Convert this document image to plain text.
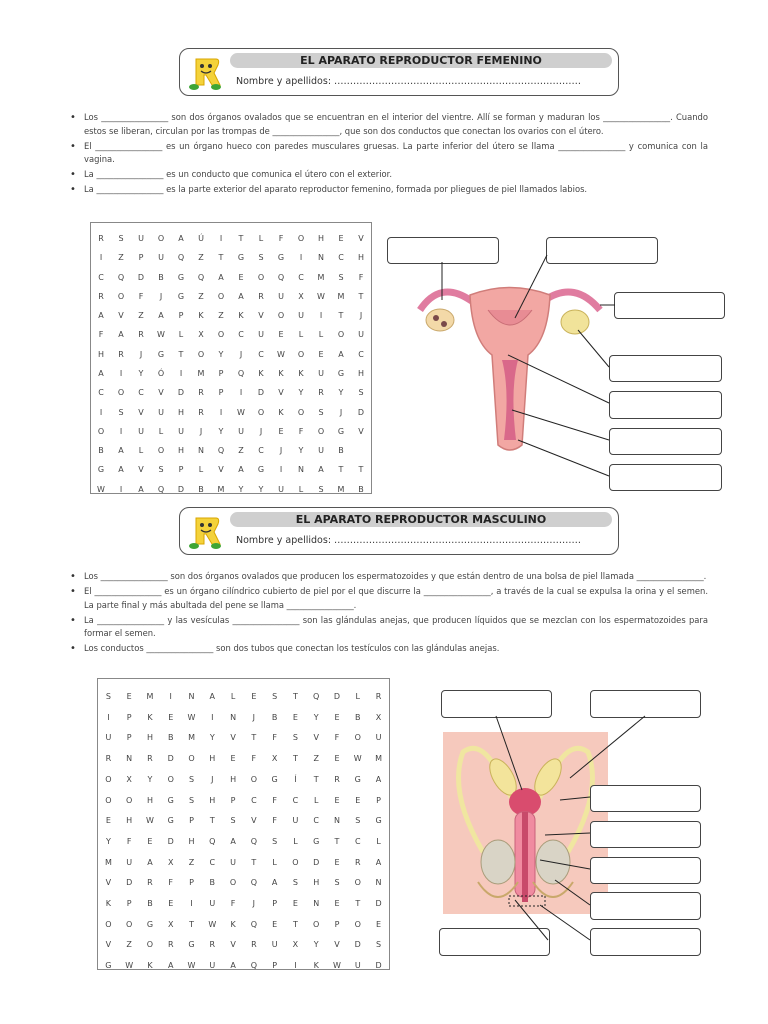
EL APARATO REPRODUCTOR FEMENINO
Nombre y apellidos: ……………………………………………………………………

• Los ________________ son dos órganos ovalados que se encuentran en el interior del vientre. Allí se forman y maduran los ________________. Cuando estos se liberan, circulan por las trompas de ________________, que son dos conductos que conectan los ovarios con el útero.

• El ________________ es un órgano hueco con paredes musculares gruesas. La parte inferior del útero se llama ________________ y comunica con la vagina.

• La ________________ es un conducto que comunica el útero con el exterior.

• La ________________ es la parte exterior del aparato reproductor femenino, formada por pliegues de piel llamados labios.

R	S	U	O	A	Ú	I	T	L	F	O	H	E	V
I	Z	P	U	Q	Z	T	G	S	G	I	N	C	H
C	Q	D	B	G	Q	A	E	O	Q	C	M	S	F
R	O	F	J	G	Z	O	A	R	U	X	W	M	T
A	V	Z	A	P	K	Z	K	V	O	U	I	T	J
F	A	R	W	L	X	O	C	U	E	L	L	O	U
H	R	J	G	T	O	Y	J	C	W	O	E	A	C
A	I	Y	Ó	I	M	P	Q	K	K	K	U	G	H
C	O	C	V	D	R	P	I	D	V	Y	R	Y	S
I	S	V	U	H	R	I	W	O	K	O	S	J	D
O	I	U	L	U	J	Y	U	J	E	F	O	G	V
B	A	L	O	H	N	Q	Z	C	J	Y	U	B
G	A	V	S	P	L	V	A	G	I	N	A	T	T
W	I	A	Q	D	B	M	Y	Y	U	L	S	M	B
EL APARATO REPRODUCTOR MASCULINO
Nombre y apellidos: ……………………………………………………………………

• Los ________________ son dos órganos ovalados que producen los espermatozoides y que están dentro de una bolsa de piel llamada ________________.

• El ________________ es un órgano cilíndrico cubierto de piel por el que discurre la ________________, a través de la cual se expulsa la orina y el semen. La parte final y más abultada del pene se llama ________________.

• La ________________ y las vesículas ________________ son las glándulas anejas, que producen líquidos que se mezclan con los espermatozoides para formar el semen.

• Los conductos ________________ son dos tubos que conectan los testículos con las glándulas anejas.

S	E	M	I	N	A	L	E	S	T	Q	D	L	R
I	P	K	E	W	I	N	J	B	E	Y	E	B	X
U	P	H	B	M	Y	V	T	F	S	V	F	O	U
R	N	R	D	O	H	E	F	X	T	Z	E	W	M
O	X	Y	O	S	J	H	O	G	Í	T	R	G	A
O	O	H	G	S	H	P	C	F	C	L	E	E	P
E	H	W	G	P	T	S	V	F	U	C	N	S	G
Y	F	E	D	H	Q	A	Q	S	L	G	T	C	L
M	U	A	X	Z	C	U	T	L	O	D	E	R	A
V	D	R	F	P	B	O	Q	A	S	H	S	O	N
K	P	B	E	I	U	F	J	P	E	N	E	T	D
O	O	G	X	T	W	K	Q	E	T	O	P	O	E
V	Z	O	R	G	R	V	R	U	X	Y	V	D	S
G	W	K	A	W	U	A	Q	P	I	K	W	U	D
